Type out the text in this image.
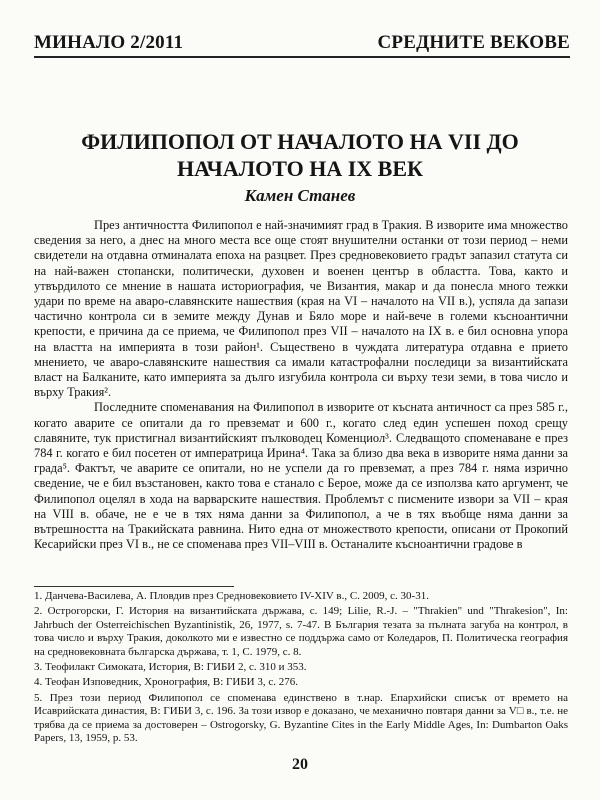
МИНАЛО 2/2011	СРЕДНИТЕ ВЕКОВЕ
ФИЛИПОПОЛ ОТ НАЧАЛОТО НА VII ДО НАЧАЛОТО НА IX ВЕК
Камен Станев

През античността Филипопол е най-значимият град в Тракия. В изворите има множество сведения за него, а днес на много места все още стоят внушителни останки от този период – неми свидетели на отдавна отминалата епоха на разцвет. През средновековието градът запазил статута си на най-важен стопански, политически, духовен и военен център в областта. Това, както и утвърдилото се мнение в нашата историография, че Византия, макар и да понесла много тежки удари по време на аваро-славянските нашествия (края на VI – началото на VII в.), успяла да запази частично контрола си в земите между Дунав и Бяло море и най-вече в големи късноантични крепости, е причина да се приема, че Филипопол през VII – началото на IX в. е бил основна упора на властта на империята в този район¹. Съществено в чуждата литература отдавна е прието мнението, че аваро-славянските нашествия са имали катастрофални последици за византийската власт на Балканите, като империята за дълго изгубила контрола си върху тези земи, в това число и върху Тракия².

Последните споменавания на Филипопол в изворите от късната античност са през 585 г., когато аварите се опитали да го превземат и 600 г., когато след един успешен поход срещу славяните, тук пристигнал византийският пълководец Коменциол³. Следващото споменаване е през 784 г. когато е бил посетен от императрица Ирина⁴. Така за близо два века в изворите няма данни за града⁵. Фактът, че аварите се опитали, но не успели да го превземат, а през 784 г. няма изрично сведение, че е бил възстановен, както това е станало с Берое, може да се използва като аргумент, че Филипопол оцелял в хода на варварските нашествия. Проблемът с писмените извори за VII – края на VIII в. обаче, не е че в тях няма данни за Филипопол, а че в тях въобще няма данни за вътрешността на Тракийската равнина. Нито една от множеството крепости, описани от Прокопий Кесарийски през VI в., не се споменава през VII–VIII в. Останалите късноантични градове в

1. Данчева-Василева, А. Пловдив през Средновековието IV-XIV в., С. 2009, с. 30-31.
2. Острогорски, Г. История на византийската държава, с. 149; Lilie, R.-J. – "Thrakien" und "Thrakesion", In: Jahrbuch der Osterreichischen Byzantinistik, 26, 1977, s. 7-47. В България тезата за пълната загуба на контрол, в това число и върху Тракия, доколкото ми е известно се поддържа само от Коледаров, П. Политическа география на средновековната българска държава, т. 1, С. 1979, с. 8.
3. Теофилакт Симоката, История, В: ГИБИ 2, с. 310 и 353.
4. Теофан Изповедник, Хронография, В: ГИБИ 3, с. 276.
5. През този период Филипопол се споменава единствено в т.нар. Епархийски списък от времето на Исаврийската династия, В: ГИБИ 3, с. 196. За този извор е доказано, че механично повтаря данни за V□ в., т.е. не трябва да се приема за достоверен – Ostrogorsky, G. Byzantine Cites in the Early Middle Ages, In: Dumbarton Oaks Papers, 13, 1959, p. 53.
20
